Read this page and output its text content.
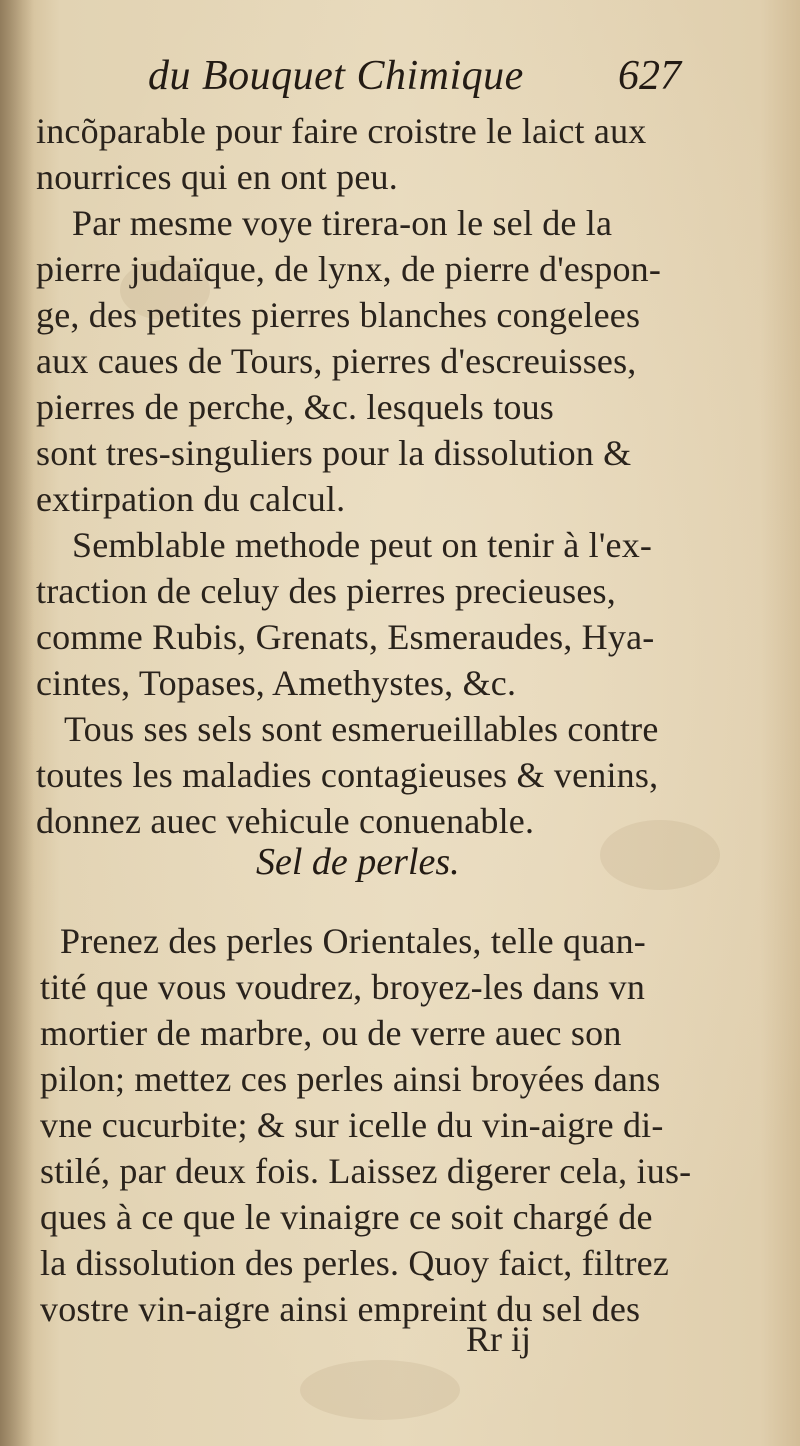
du Bouquet Chimique 627
incõparable pour faire croistre le laict aux
nourrices qui en ont peu.
Par mesme voye tirera-on le sel de la
pierre judaïque, de lynx, de pierre d'espon-
ge, des petites pierres blanches congelees
aux caues de Tours, pierres d'escreuisses,
pierres de perche, &c. lesquels tous
sont tres-singuliers pour la dissolution &
extirpation du calcul.
Semblable methode peut on tenir à l'ex-
traction de celuy des pierres precieuses,
comme Rubis, Grenats, Esmeraudes, Hya-
cintes, Topases, Amethystes, &c.
Tous ses sels sont esmerueillables contre
toutes les maladies contagieuses & venins,
donnez auec vehicule conuenable.
Sel de perles.
Prenez des perles Orientales, telle quan-
tité que vous voudrez, broyez-les dans vn
mortier de marbre, ou de verre auec son
pilon; mettez ces perles ainsi broyées dans
vne cucurbite; & sur icelle du vin-aigre di-
stilé, par deux fois. Laissez digerer cela, ius-
ques à ce que le vinaigre ce soit chargé de
la dissolution des perles. Quoy faict, filtrez
vostre vin-aigre ainsi empreint du sel des
Rr ij
